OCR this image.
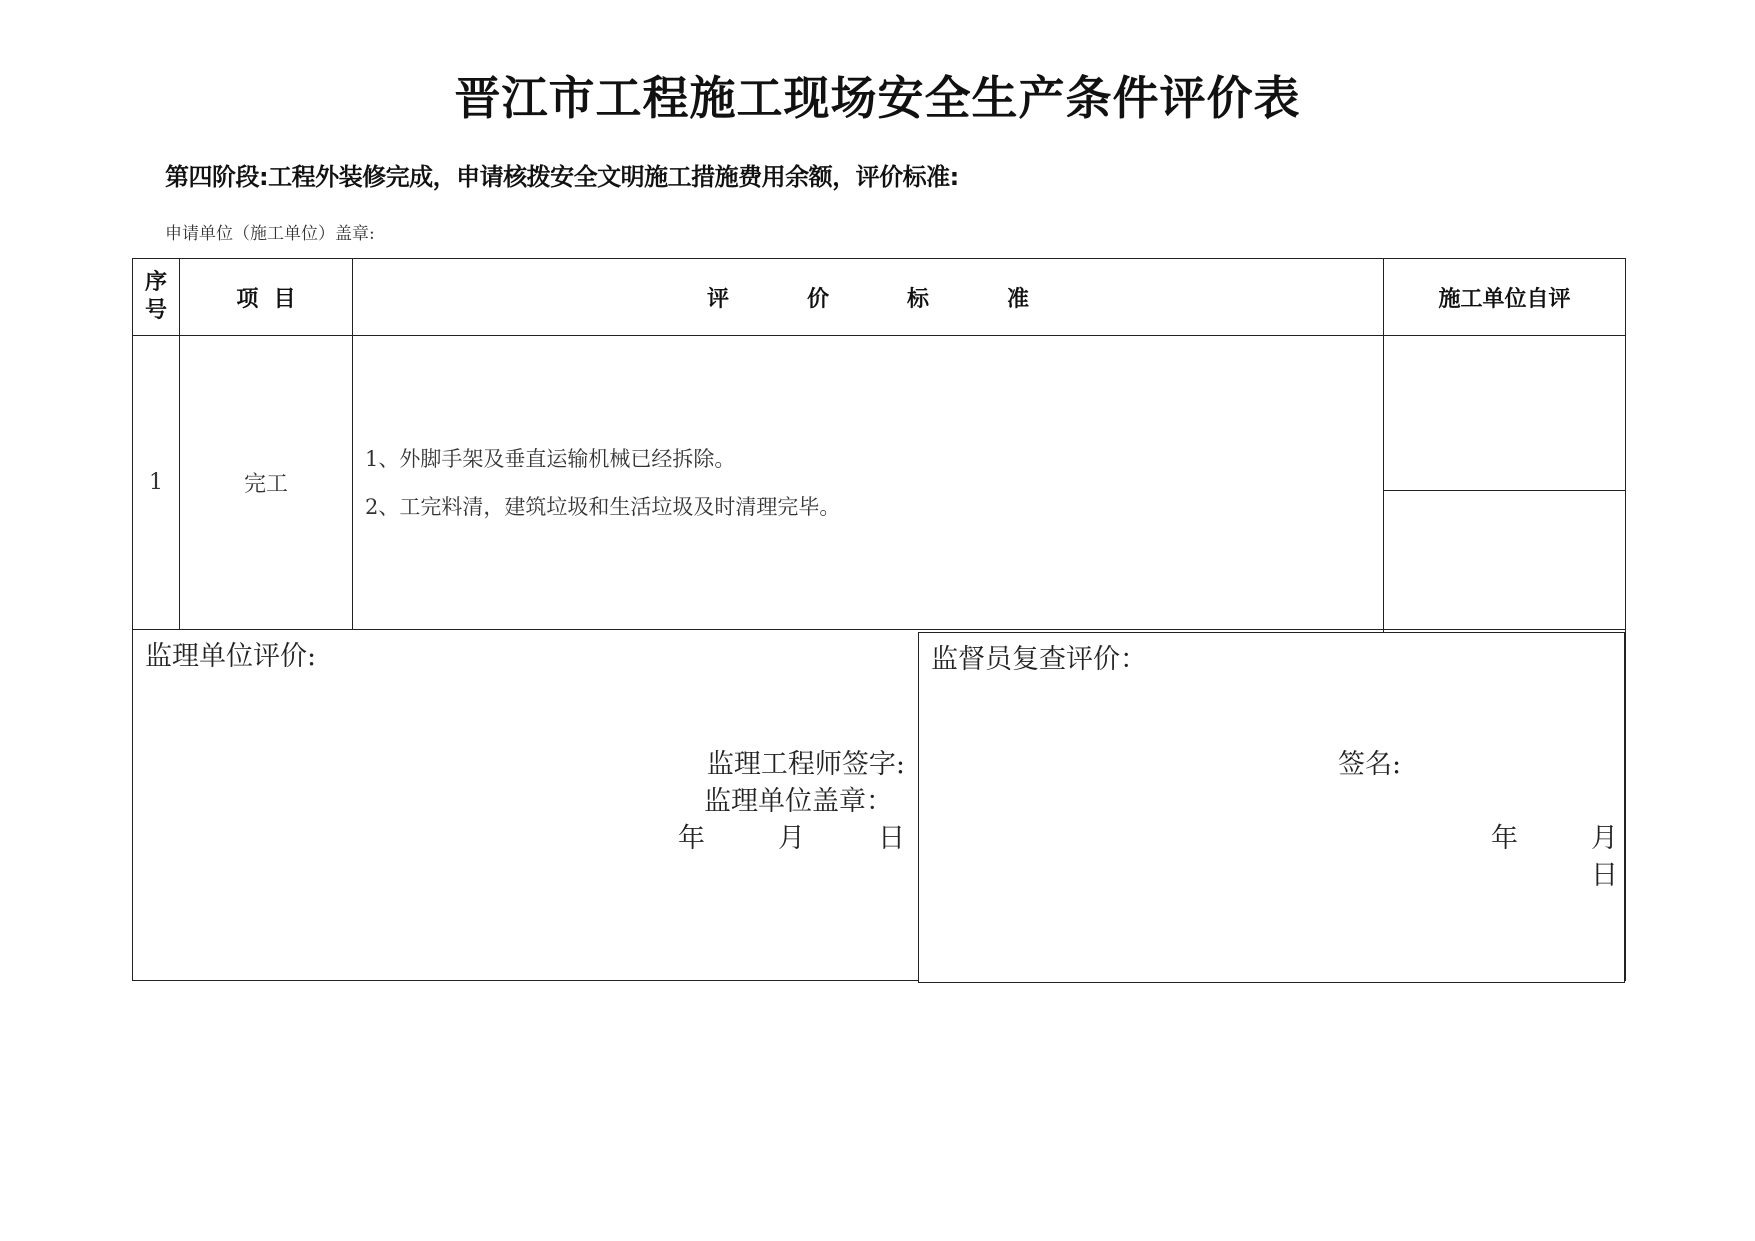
晋江市工程施工现场安全生产条件评价表
第四阶段:工程外装修完成，申请核拨安全文明施工措施费用余额，评价标准:
申请单位（施工单位）盖章:
序
号	项  目	评 价 标 准	施工单位自评
1	完工	1、外脚手架及垂直运输机械已经拆除。
2、工完料清，建筑垃圾和生活垃圾及时清理完毕。	

监理单位评价:			
		监督员复查评价：
监理工程师签字:
监理单位盖章：
年	月	日
签名:
年	月日
